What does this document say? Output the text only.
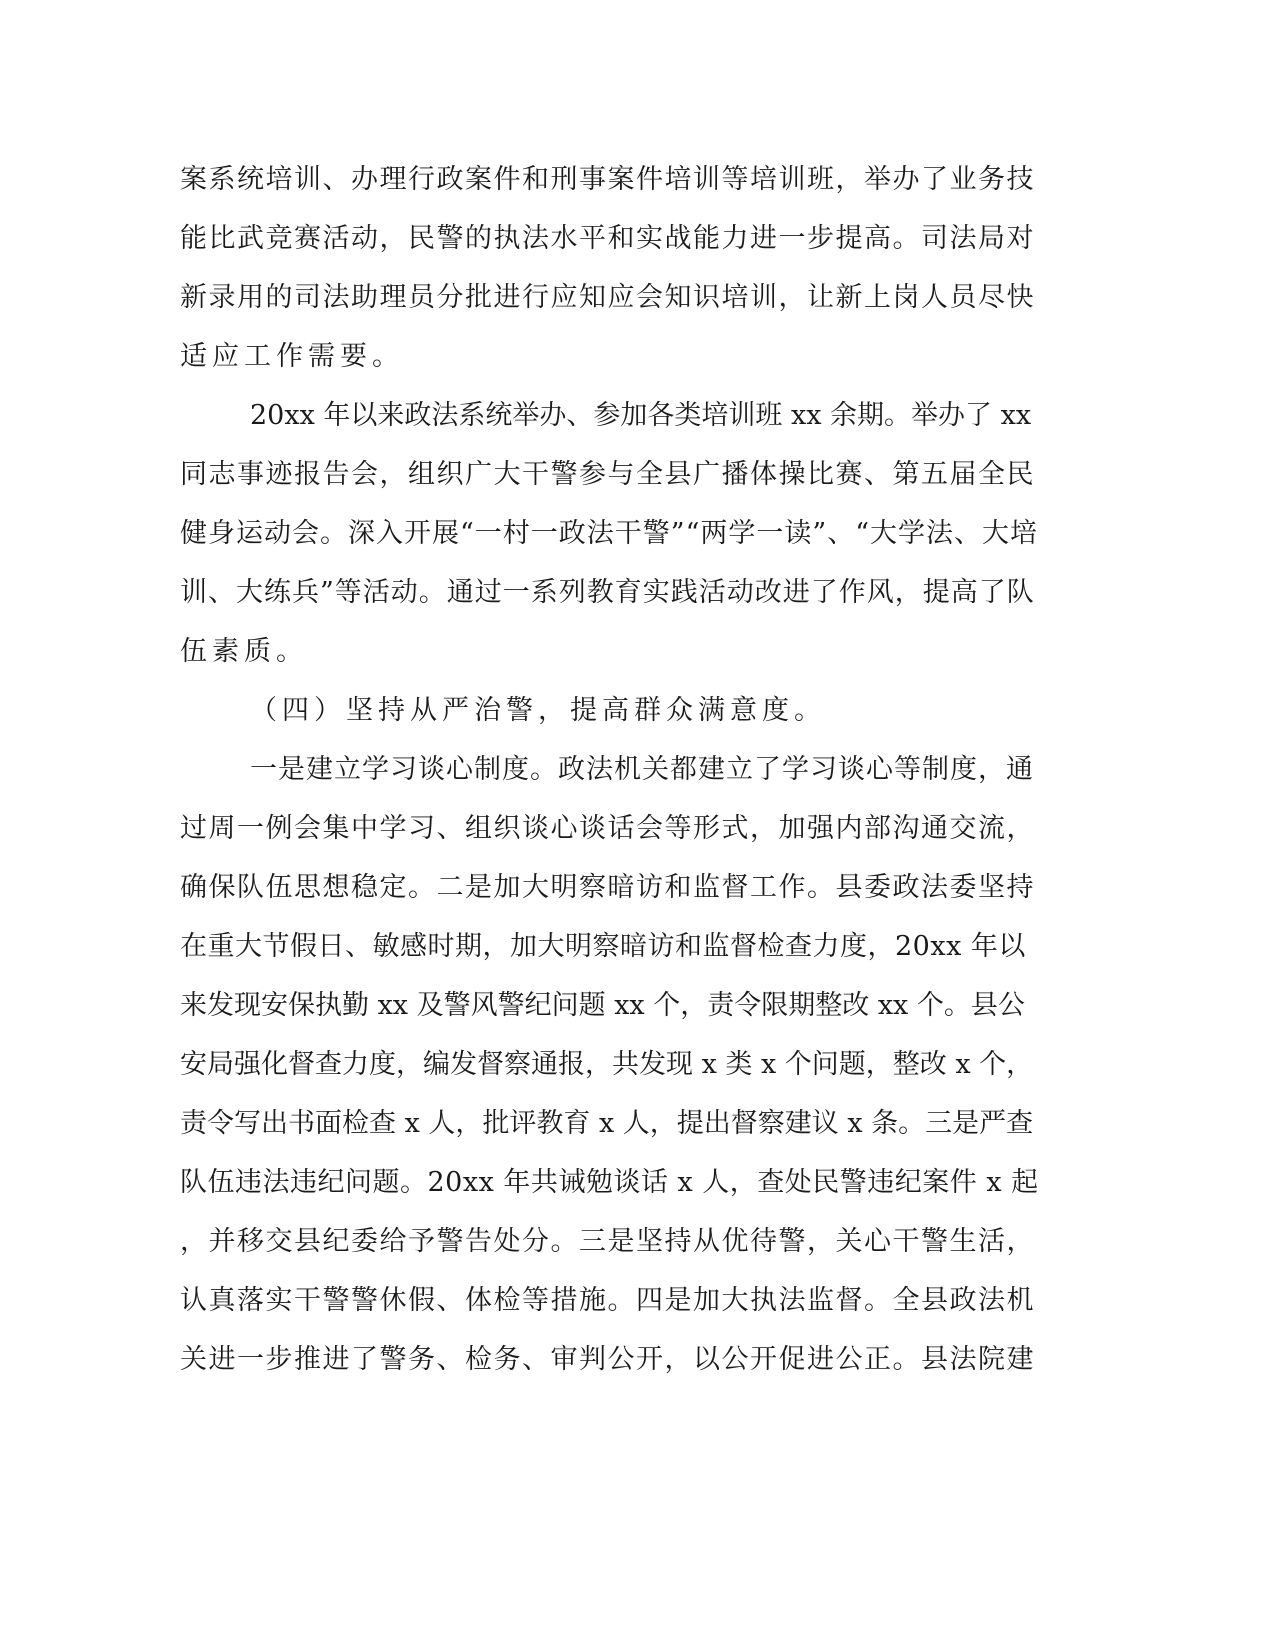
案系统培训、办理行政案件和刑事案件培训等培训班，举办了业务技
能比武竞赛活动，民警的执法水平和实战能力进一步提高。司法局对
新录用的司法助理员分批进行应知应会知识培训，让新上岗人员尽快
适应工作需要。
20xx 年以来政法系统举办、参加各类培训班 xx 余期。举办了 xx
同志事迹报告会，组织广大干警参与全县广播体操比赛、第五届全民
健身运动会。深入开展“一村一政法干警”“两学一读”、“大学法、大培
训、大练兵”等活动。通过一系列教育实践活动改进了作风，提高了队
伍素质。
（四）坚持从严治警，提高群众满意度。
一是建立学习谈心制度。政法机关都建立了学习谈心等制度，通
过周一例会集中学习、组织谈心谈话会等形式，加强内部沟通交流，
确保队伍思想稳定。二是加大明察暗访和监督工作。县委政法委坚持
在重大节假日、敏感时期，加大明察暗访和监督检查力度，20xx 年以
来发现安保执勤 xx 及警风警纪问题 xx 个，责令限期整改 xx 个。县公
安局强化督查力度，编发督察通报，共发现 x 类 x 个问题，整改 x 个，
责令写出书面检查 x 人，批评教育 x 人，提出督察建议 x 条。三是严查
队伍违法违纪问题。20xx 年共诫勉谈话 x 人，查处民警违纪案件 x 起
，并移交县纪委给予警告处分。三是坚持从优待警，关心干警生活，
认真落实干警警休假、体检等措施。四是加大执法监督。全县政法机
关进一步推进了警务、检务、审判公开，以公开促进公正。县法院建
